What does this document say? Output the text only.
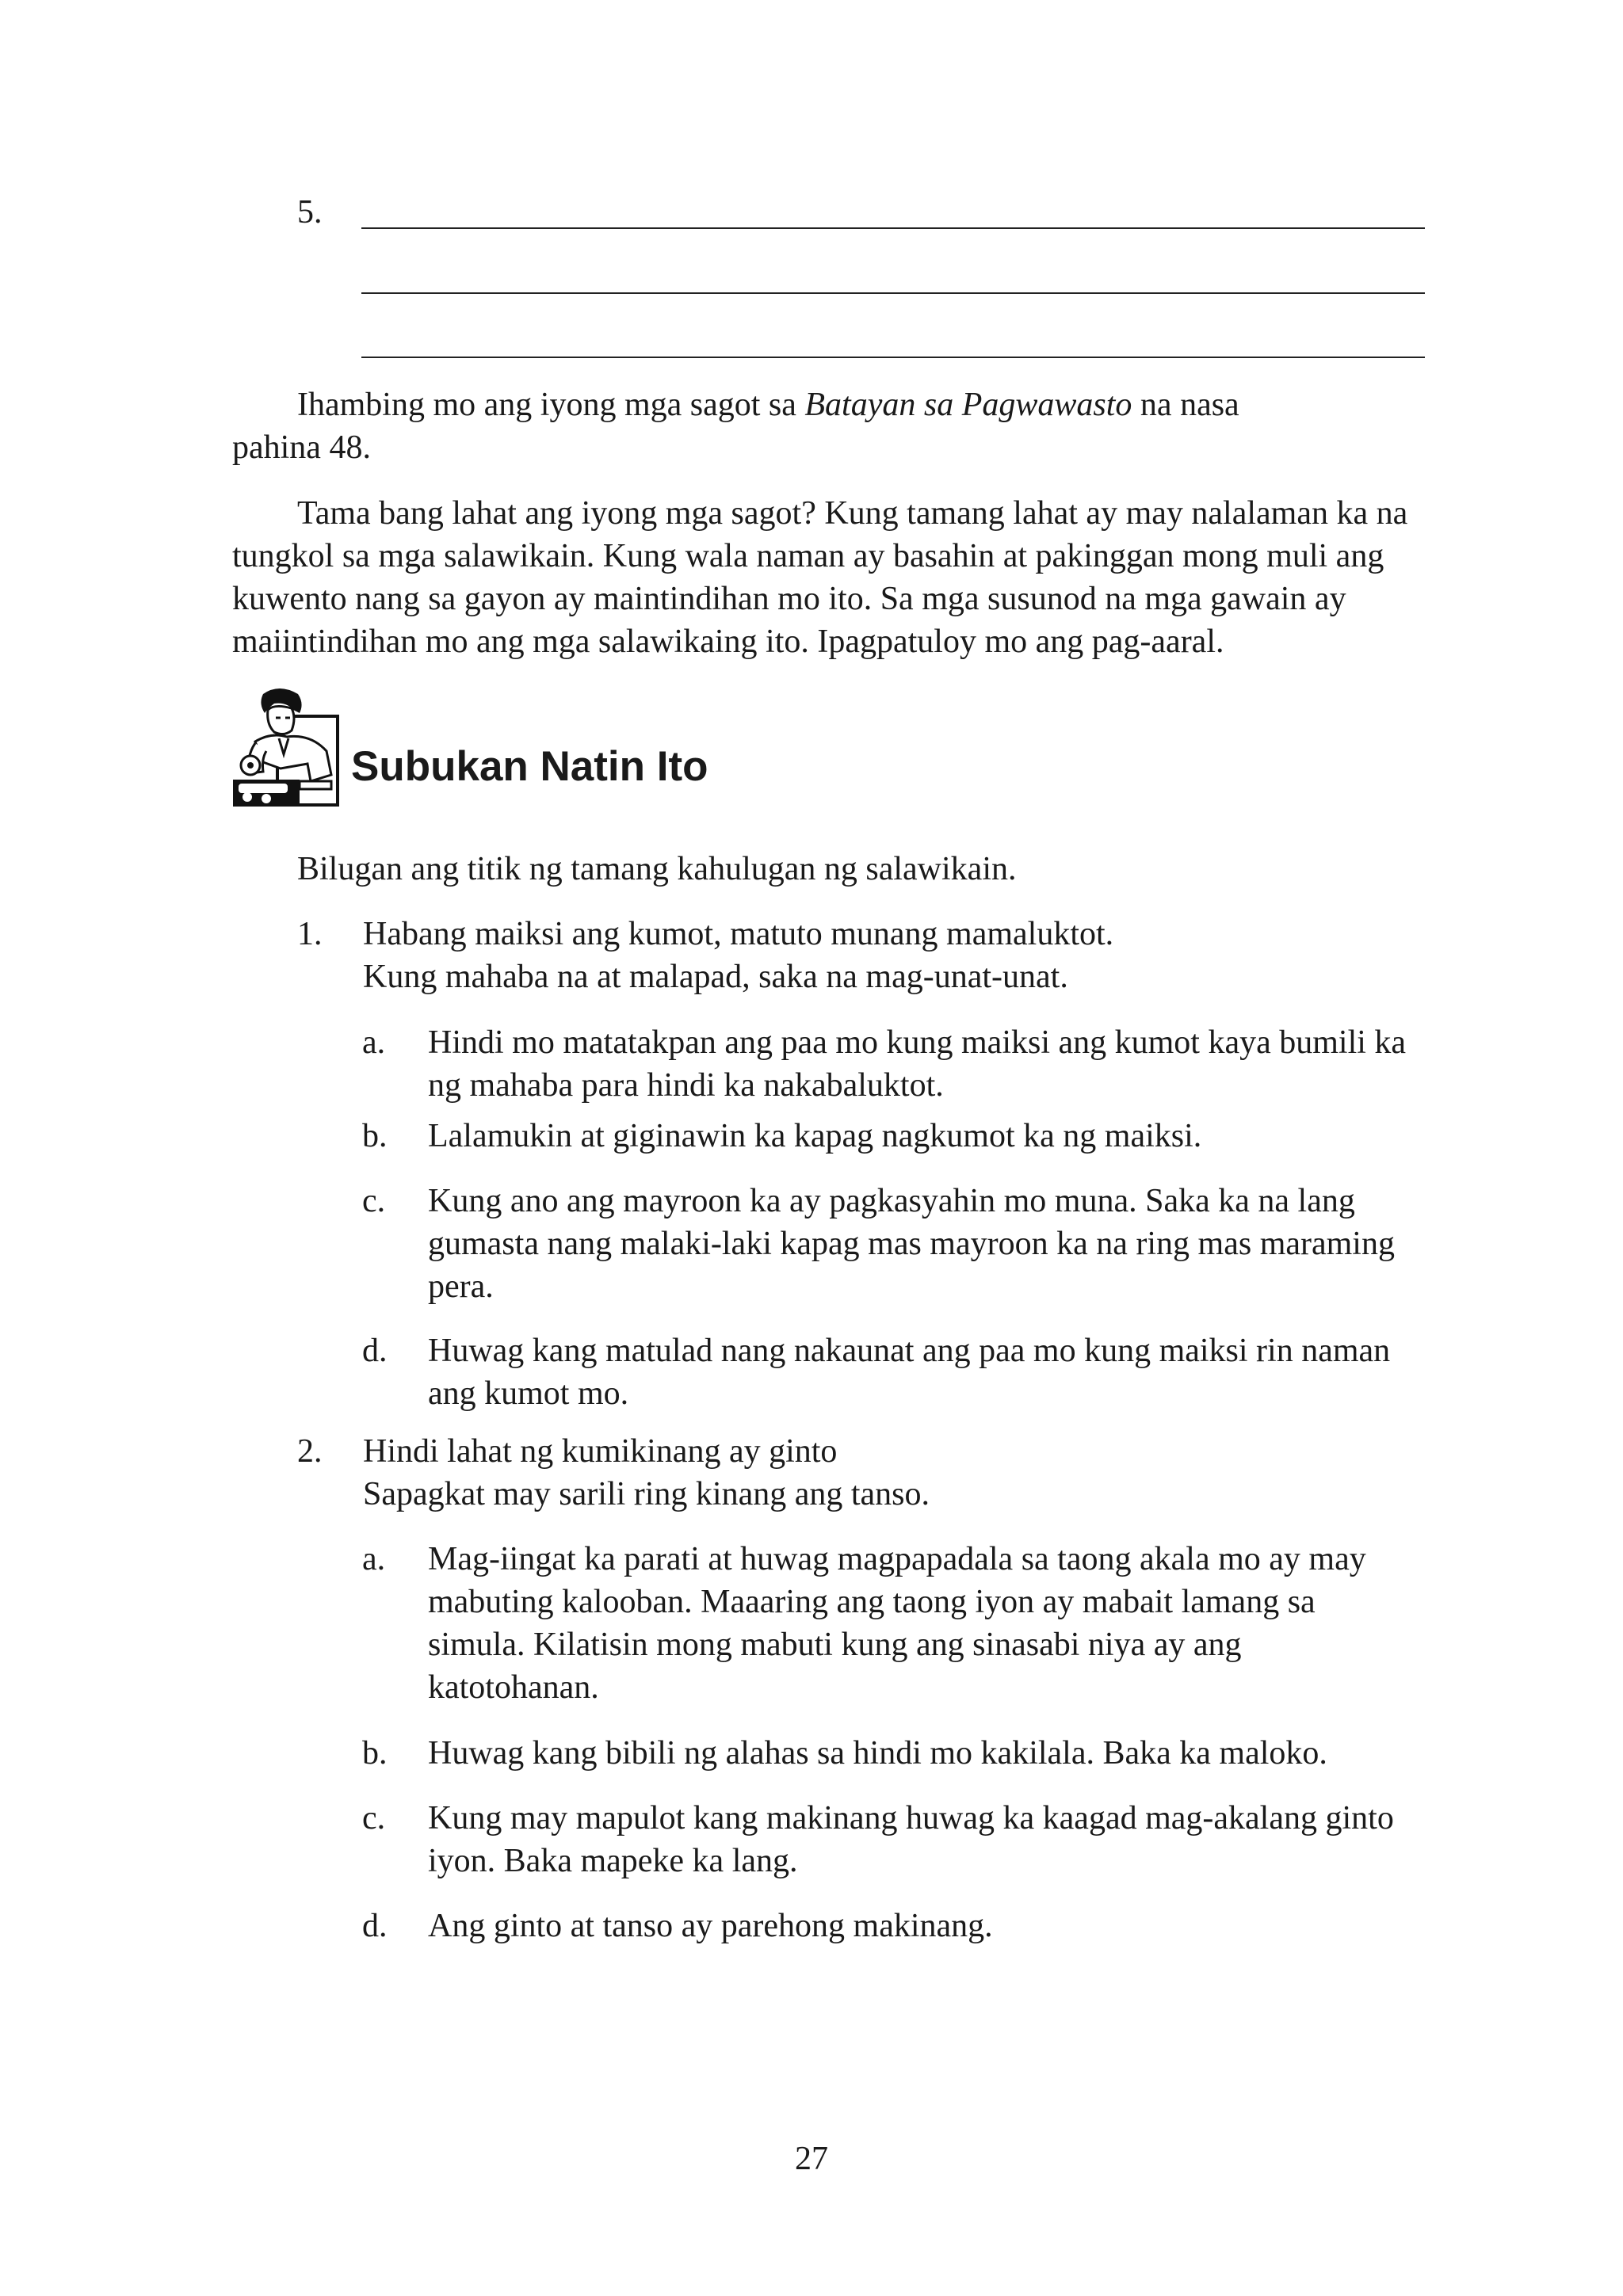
5.
Ihambing mo ang iyong mga sagot sa Batayan sa Pagwawasto na nasa
pahina 48.
Tama bang lahat ang iyong mga sagot? Kung tamang lahat ay may nalalaman ka na
tungkol sa mga salawikain. Kung wala naman ay basahin at pakinggan mong muli ang
kuwento nang sa gayon ay maintindihan mo ito. Sa mga susunod na mga gawain ay
maiintindihan mo ang mga salawikaing ito. Ipagpatuloy mo ang pag-aaral.
Subukan Natin Ito
Bilugan ang titik ng tamang kahulugan ng salawikain.
1. Habang maiksi ang kumot, matuto munang mamaluktot.
Kung mahaba na at malapad, saka na mag-unat-unat.
a. Hindi mo matatakpan ang paa mo kung maiksi ang kumot kaya bumili ka
ng mahaba para hindi ka nakabaluktot.
b. Lalamukin at giginawin ka kapag nagkumot ka ng maiksi.
c. Kung ano ang mayroon ka ay pagkasyahin mo muna. Saka ka na lang
gumasta nang malaki-laki kapag mas mayroon ka na ring mas maraming
pera.
d. Huwag kang matulad nang nakaunat ang paa mo kung maiksi rin naman
ang kumot mo.
2. Hindi lahat ng kumikinang ay ginto
Sapagkat may sarili ring kinang ang tanso.
a. Mag-iingat ka parati at huwag magpapadala sa taong akala mo ay may
mabuting kalooban. Maaaring ang taong iyon ay mabait lamang sa
simula. Kilatisin mong mabuti kung ang sinasabi niya ay ang
katotohanan.
b. Huwag kang bibili ng alahas sa hindi mo kakilala. Baka ka maloko.
c. Kung may mapulot kang makinang huwag ka kaagad mag-akalang ginto
iyon. Baka mapeke ka lang.
d. Ang ginto at tanso ay parehong makinang.
27
